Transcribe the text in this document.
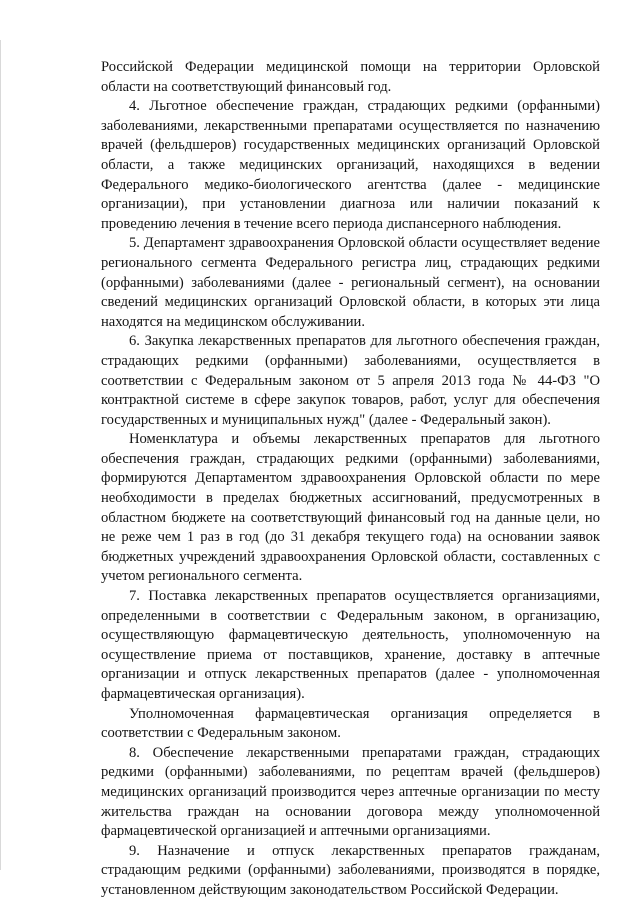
Российской Федерации медицинской помощи на территории Орловской области на соответствующий финансовый год.

4. Льготное обеспечение граждан, страдающих редкими (орфанными) заболеваниями, лекарственными препаратами осуществляется по назначению врачей (фельдшеров) государственных медицинских организаций Орловской области, а также медицинских организаций, находящихся в ведении Федерального медико-биологического агентства (далее - медицинские организации), при установлении диагноза или наличии показаний к проведению лечения в течение всего периода диспансерного наблюдения.

5. Департамент здравоохранения Орловской области осуществляет ведение регионального сегмента Федерального регистра лиц, страдающих редкими (орфанными) заболеваниями (далее - региональный сегмент), на основании сведений медицинских организаций Орловской области, в которых эти лица находятся на медицинском обслуживании.

6. Закупка лекарственных препаратов для льготного обеспечения граждан, страдающих редкими (орфанными) заболеваниями, осуществляется в соответствии с Федеральным законом от 5 апреля 2013 года № 44-ФЗ "О контрактной системе в сфере закупок товаров, работ, услуг для обеспечения государственных и муниципальных нужд" (далее - Федеральный закон).

Номенклатура и объемы лекарственных препаратов для льготного обеспечения граждан, страдающих редкими (орфанными) заболеваниями, формируются Департаментом здравоохранения Орловской области по мере необходимости в пределах бюджетных ассигнований, предусмотренных в областном бюджете на соответствующий финансовый год на данные цели, но не реже чем 1 раз в год (до 31 декабря текущего года) на основании заявок бюджетных учреждений здравоохранения Орловской области, составленных с учетом регионального сегмента.

7. Поставка лекарственных препаратов осуществляется организациями, определенными в соответствии с Федеральным законом, в организацию, осуществляющую фармацевтическую деятельность, уполномоченную на осуществление приема от поставщиков, хранение, доставку в аптечные организации и отпуск лекарственных препаратов (далее - уполномоченная фармацевтическая организация).

Уполномоченная фармацевтическая организация определяется в соответствии с Федеральным законом.

8. Обеспечение лекарственными препаратами граждан, страдающих редкими (орфанными) заболеваниями, по рецептам врачей (фельдшеров) медицинских организаций производится через аптечные организации по месту жительства граждан на основании договора между уполномоченной фармацевтической организацией и аптечными организациями.

9. Назначение и отпуск лекарственных препаратов гражданам, страдающим редкими (орфанными) заболеваниями, производятся в порядке, установленном действующим законодательством Российской Федерации.
